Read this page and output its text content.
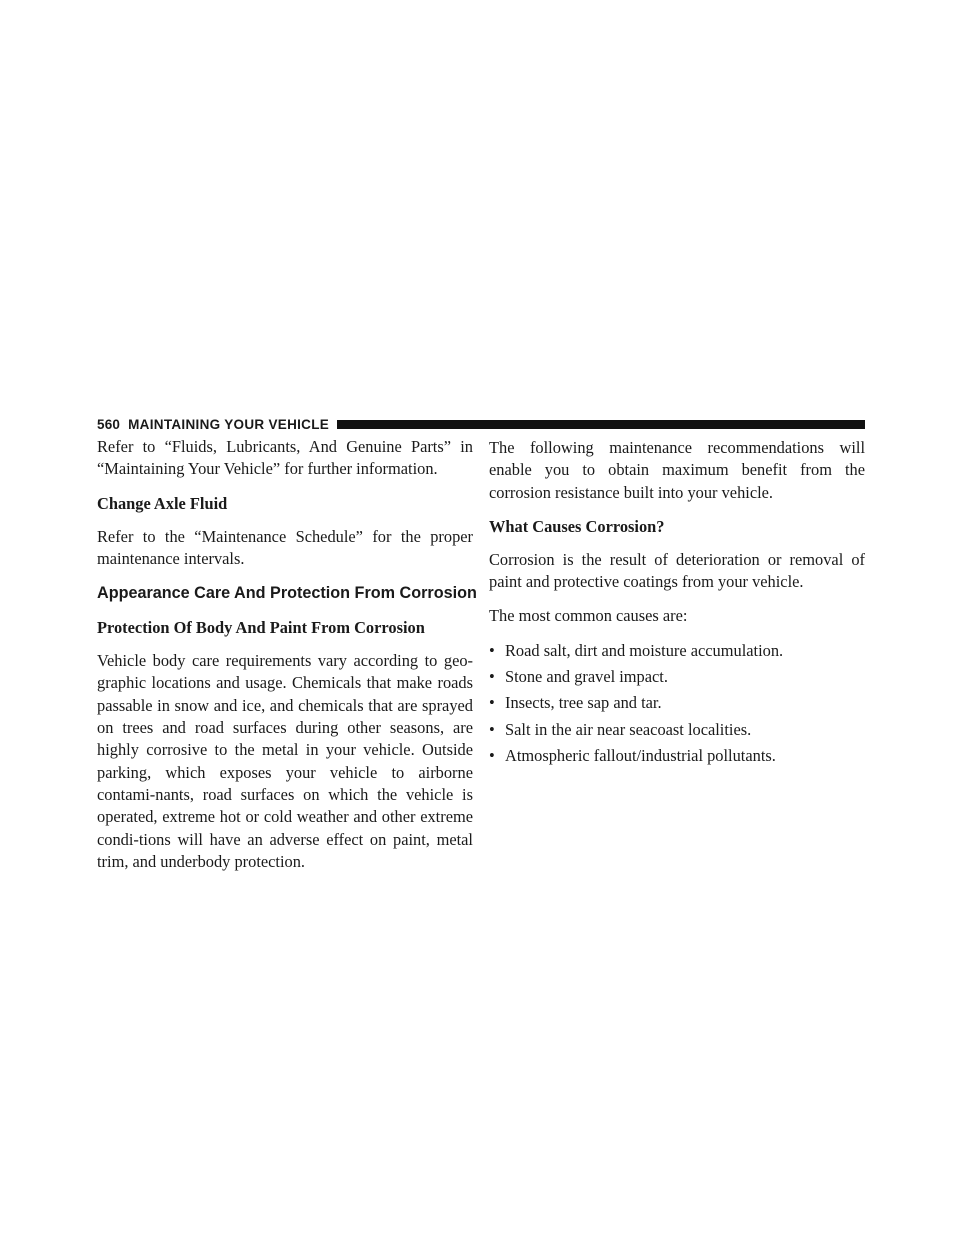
560 MAINTAINING YOUR VEHICLE

Refer to “Fluids, Lubricants, And Genuine Parts” in “Maintaining Your Vehicle” for further information.

Change Axle Fluid

Refer to the “Maintenance Schedule” for the proper maintenance intervals.

Appearance Care And Protection From Corrosion
Protection Of Body And Paint From Corrosion

Vehicle body care requirements vary according to geo-graphic locations and usage. Chemicals that make roads passable in snow and ice, and chemicals that are sprayed on trees and road surfaces during other seasons, are highly corrosive to the metal in your vehicle. Outside parking, which exposes your vehicle to airborne contami-nants, road surfaces on which the vehicle is operated, extreme hot or cold weather and other extreme condi-tions will have an adverse effect on paint, metal trim, and underbody protection.

The following maintenance recommendations will enable you to obtain maximum benefit from the corrosion resistance built into your vehicle.

What Causes Corrosion?

Corrosion is the result of deterioration or removal of paint and protective coatings from your vehicle.

The most common causes are:

• Road salt, dirt and moisture accumulation.
• Stone and gravel impact.
• Insects, tree sap and tar.
• Salt in the air near seacoast localities.
• Atmospheric fallout/industrial pollutants.
